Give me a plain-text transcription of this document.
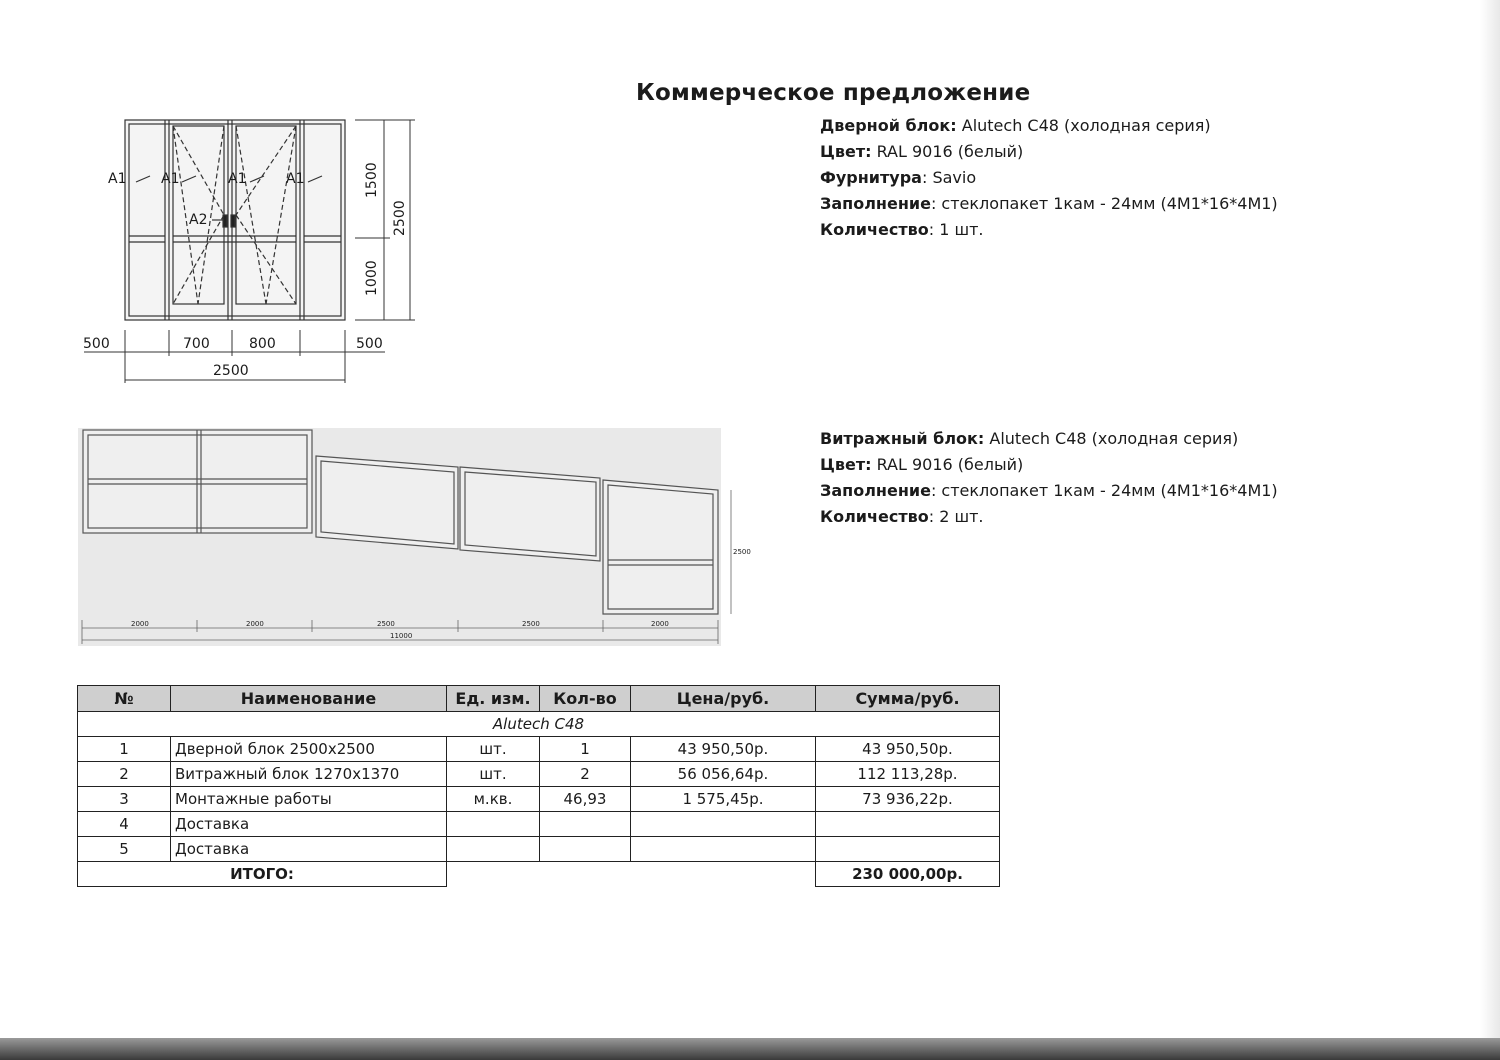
Коммерческое предложение
Дверной блок: Alutech C48 (холодная серия)
Цвет: RAL 9016 (белый)
Фурнитура: Savio
Заполнение: стеклопакет 1кам - 24мм (4М1*16*4М1)
Количество: 1 шт.
Витражный блок: Alutech C48 (холодная серия)
Цвет: RAL 9016 (белый)
Заполнение: стеклопакет 1кам - 24мм (4М1*16*4М1)
Количество: 2 шт.
A1 A1	A1	A1
A2
1500
1000
2500
500	700	800	500
2500
2000	2000	2500	2500	2000
11000
2500
№	Наименование	Ед. изм.	Кол-во	Цена/руб.	Сумма/руб.
Alutech C48					
1	Дверной блок 2500х2500	шт.	1	43 950,50р.	43 950,50р.
2	Витражный блок 1270х1370	шт.	2	56 056,64р.	112 113,28р.
3	Монтажные работы	м.кв.	46,93	1 575,45р.	73 936,22р.
4	Доставка				
5	Доставка				
ИТОГО:					230 000,00р.
